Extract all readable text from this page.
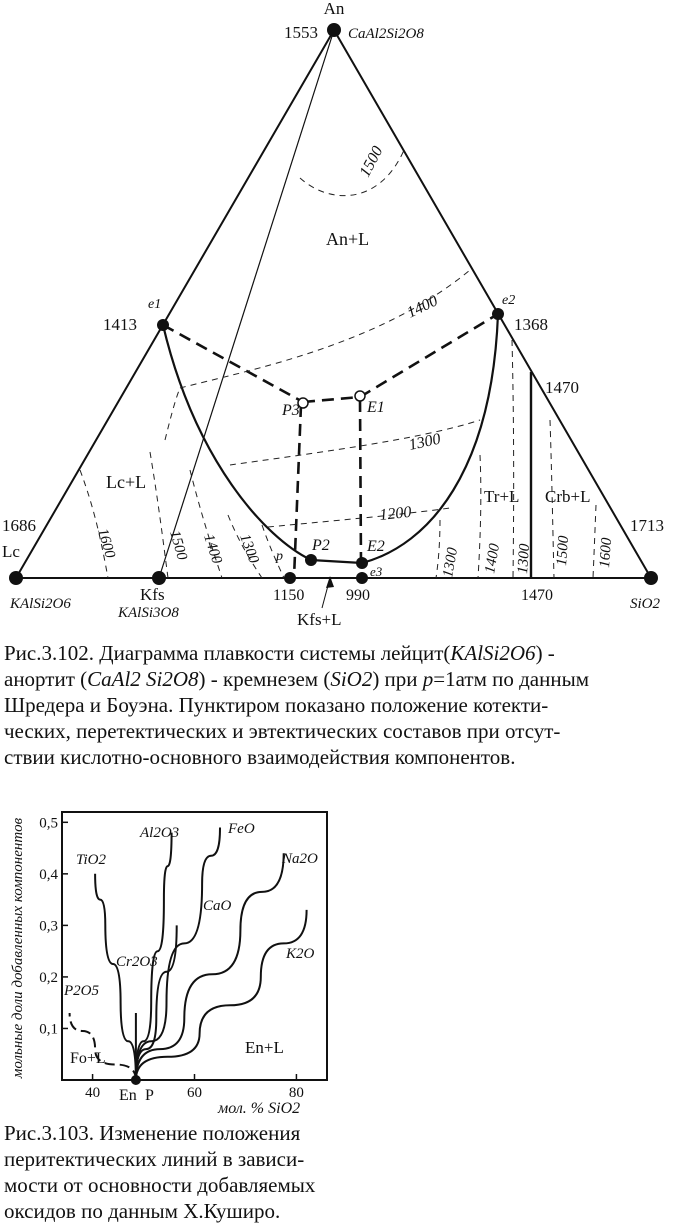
An
1553 CaAl2Si2O8
1686
Lc
KAlSi2O6
1713
SiO2
e1
1413
e2
1368
1470
P3	E1
P2 E2
e3
p
Kfs
KAlSi3O8
1150	990	1470
An+L
Lc+L
Tr+L Crb+L
Kfs+L
1500
1400
1300
1200
1600	1500 1400 1300	1300 1400 1300 1500 1600
Рис.3.102. Диаграмма плавкости системы лейцит(KAlSi2O6) -
анортит (CaAl2 Si2O8) - кремнезем (SiO2) при p=1атм по данным
Шредера и Боуэна. Пунктиром показано положение котекти-
ческих, перетектических и эвтектических составов при отсут-
ствии кислотно-основного взаимодействия компонентов.
0,1
0,2
0,3
0,4
0,5
40	60	80
мольные доли добавленных компонентов
мол. % SiO2
TiO2
Al2O3	FeO
CaO
Na2O
K2O
Cr2O3
P2O5
Fo+L
En+L
En P
Рис.3.103. Изменение положения
перитектических линий в зависи-
мости от основности добавляемых
оксидов по данным Х.Куширо.
